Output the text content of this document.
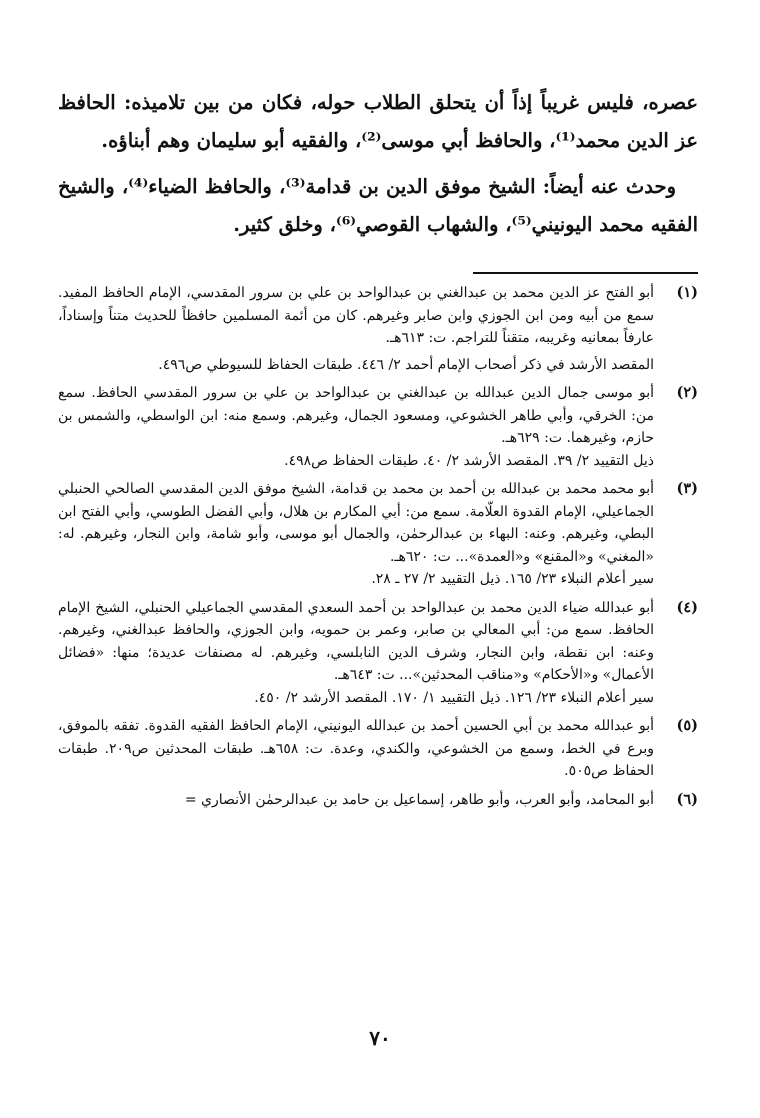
عصره، فليس غريباً إذاً أن يتحلق الطلاب حوله، فكان من بين تلاميذه: الحافظ عز الدين محمد⁽¹⁾، والحافظ أبي موسى⁽²⁾، والفقيه أبو سليمان وهم أبناؤه.

وحدث عنه أيضاً: الشيخ موفق الدين بن قدامة⁽³⁾، والحافظ الضياء⁽⁴⁾، والشيخ الفقيه محمد اليونيني⁽⁵⁾، والشهاب القوصي⁽⁶⁾، وخلق كثير.

(١)

أبو الفتح عز الدين محمد بن عبدالغني بن عبدالواحد بن علي بن سرور المقدسي، الإمام الحافظ المفيد. سمع من أبيه ومن ابن الجوزي وابن صابر وغيرهم. كان من أئمة المسلمين حافظاً للحديث متناً وإسناداً، عارفاً بمعانيه وغريبه، متقناً للتراجم. ت: ٦١٣هـ.

المقصد الأرشد في ذكر أصحاب الإمام أحمد ٢/ ٤٤٦. طبقات الحفاظ للسيوطي ص٤٩٦.

(٢)

أبو موسى جمال الدين عبدالله بن عبدالغني بن عبدالواحد بن علي بن سرور المقدسي الحافظ. سمع من: الخرقي، وأبي طاهر الخشوعي، ومسعود الجمال، وغيرهم. وسمع منه: ابن الواسطي، والشمس بن حازم، وغيرهما. ت: ٦٢٩هـ.

ذيل التقييد ٢/ ٣٩. المقصد الأرشد ٢/ ٤٠. طبقات الحفاظ ص٤٩٨.

(٣)

أبو محمد محمد بن عبدالله بن أحمد بن محمد بن قدامة، الشيخ موفق الدين المقدسي الصالحي الحنبلي الجماعيلي، الإمام القدوة العلّامة. سمع من: أبي المكارم بن هلال، وأبي الفضل الطوسي، وأبي الفتح ابن البطي، وغيرهم. وعنه: البهاء بن عبدالرحمٰن، والجمال أبو موسى، وأبو شامة، وابن النجار، وغيرهم. له: «المغني» و«المقنع» و«العمدة»... ت: ٦٢٠هـ.

سير أعلام النبلاء ٢٣/ ١٦٥. ذيل التقييد ٢/ ٢٧ ـ ٢٨.

(٤)

أبو عبدالله ضياء الدين محمد بن عبدالواحد بن أحمد السعدي المقدسي الجماعيلي الحنبلي، الشيخ الإمام الحافظ. سمع من: أبي المعالي بن صابر، وعمر بن حمويه، وابن الجوزي، والحافظ عبدالغني، وغيرهم. وعنه: ابن نقطة، وابن النجار، وشرف الدين النابلسي، وغيرهم. له مصنفات عديدة؛ منها: «فضائل الأعمال» و«الأحكام» و«مناقب المحدثين»... ت: ٦٤٣هـ.

سير أعلام النبلاء ٢٣/ ١٢٦. ذيل التقييد ١/ ١٧٠. المقصد الأرشد ٢/ ٤٥٠.

(٥)

أبو عبدالله محمد بن أبي الحسين أحمد بن عبدالله اليونيني، الإمام الحافظ الفقيه القدوة. تفقه بالموفق، وبرع في الخط، وسمع من الخشوعي، والكندي، وعدة. ت: ٦٥٨هـ. طبقات المحدثين ص٢٠٩. طبقات الحفاظ ص٥٠٥.

(٦)

أبو المحامد، وأبو العرب، وأبو طاهر، إسماعيل بن حامد بن عبدالرحمٰن الأنصاري =

٧٠
